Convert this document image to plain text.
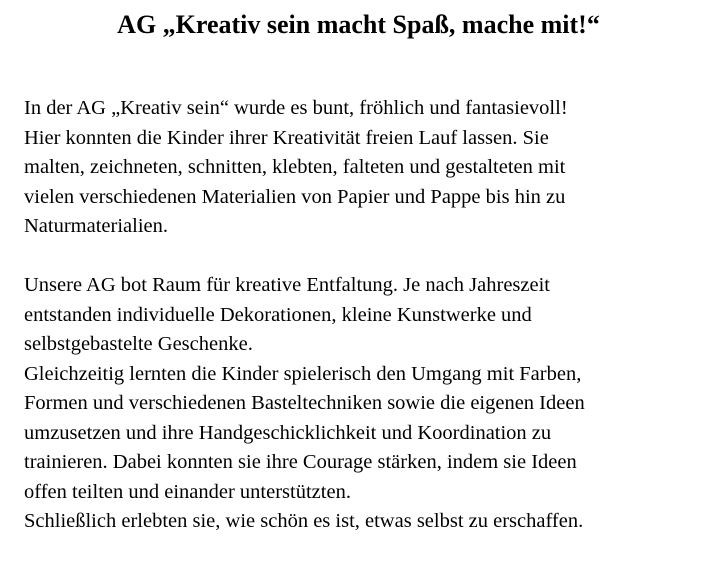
AG „Kreativ sein macht Spaß, mache mit!“
In der AG „Kreativ sein“ wurde es bunt, fröhlich und fantasievoll!
Hier konnten die Kinder ihrer Kreativität freien Lauf lassen. Sie
malten, zeichneten, schnitten, klebten, falteten und gestalteten mit
vielen verschiedenen Materialien von Papier und Pappe bis hin zu
Naturmaterialien.
Unsere AG bot Raum für kreative Entfaltung. Je nach Jahreszeit
entstanden individuelle Dekorationen, kleine Kunstwerke und
selbstgebastelte Geschenke.
Gleichzeitig lernten die Kinder spielerisch den Umgang mit Farben,
Formen und verschiedenen Basteltechniken sowie die eigenen Ideen
umzusetzen und ihre Handgeschicklichkeit und Koordination zu
trainieren. Dabei konnten sie ihre Courage stärken, indem sie Ideen
offen teilten und einander unterstützten.
Schließlich erlebten sie, wie schön es ist, etwas selbst zu erschaffen.
